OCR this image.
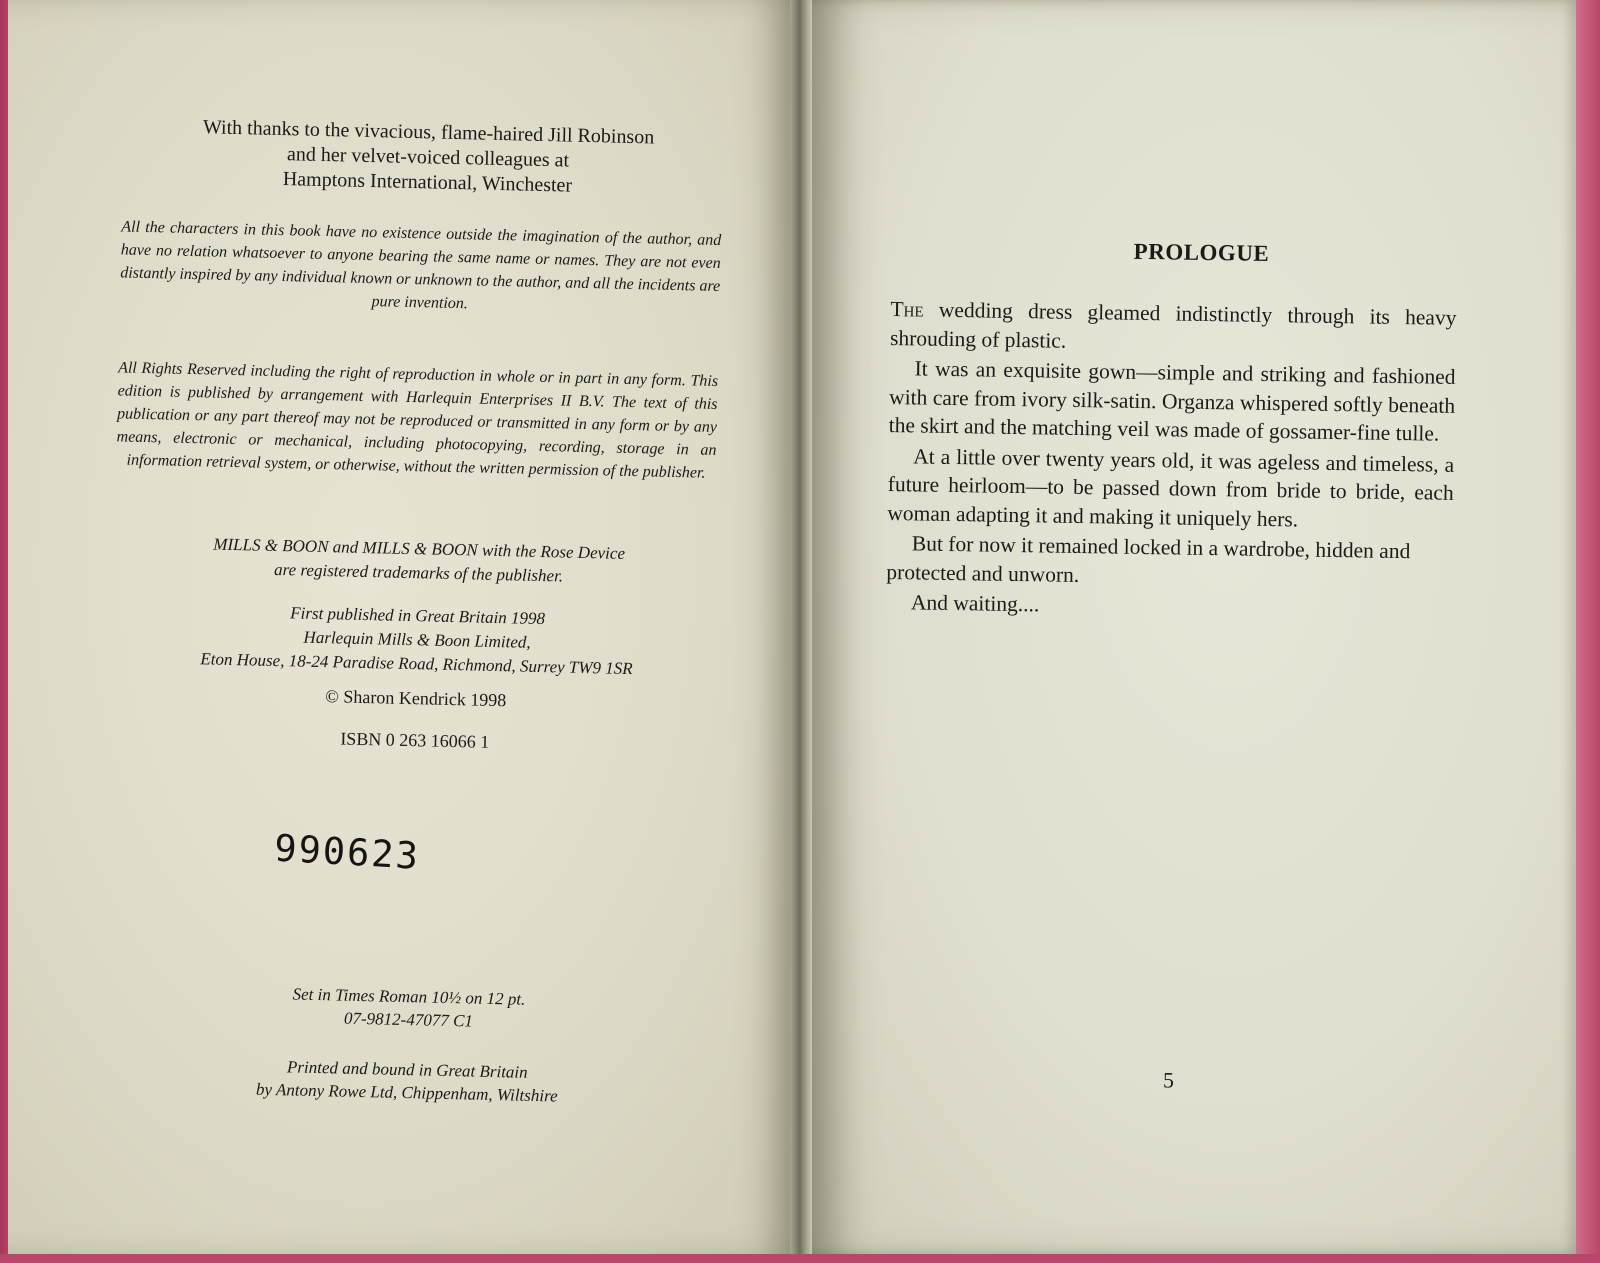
With thanks to the vivacious, flame-haired Jill Robinson
and her velvet-voiced colleagues at
Hamptons International, Winchester

All the characters in this book have no existence outside the imagination of the author, and have no relation whatsoever to anyone bearing the same name or names. They are not even distantly inspired by any individual known or unknown to the author, and all the incidents are pure invention.

All Rights Reserved including the right of reproduction in whole or in part in any form. This edition is published by arrangement with Harlequin Enterprises II B.V. The text of this publication or any part thereof may not be reproduced or transmitted in any form or by any means, electronic or mechanical, including photocopying, recording, storage in an information retrieval system, or otherwise, without the written permission of the publisher.

MILLS & BOON and MILLS & BOON with the Rose Device
are registered trademarks of the publisher.
First published in Great Britain 1998
Harlequin Mills & Boon Limited,
Eton House, 18-24 Paradise Road, Richmond, Surrey TW9 1SR
© Sharon Kendrick 1998
ISBN 0 263 16066 1
990623
Set in Times Roman 10½ on 12 pt.
07-9812-47077 C1
Printed and bound in Great Britain
by Antony Rowe Ltd, Chippenham, Wiltshire
PROLOGUE

The wedding dress gleamed indistinctly through its heavy shrouding of plastic.

It was an exquisite gown—simple and striking and fashioned with care from ivory silk-satin. Organza whispered softly beneath the skirt and the matching veil was made of gossamer-fine tulle.

At a little over twenty years old, it was ageless and timeless, a future heirloom—to be passed down from bride to bride, each woman adapting it and making it uniquely hers.

But for now it remained locked in a wardrobe, hidden and protected and unworn.

And waiting....

5
